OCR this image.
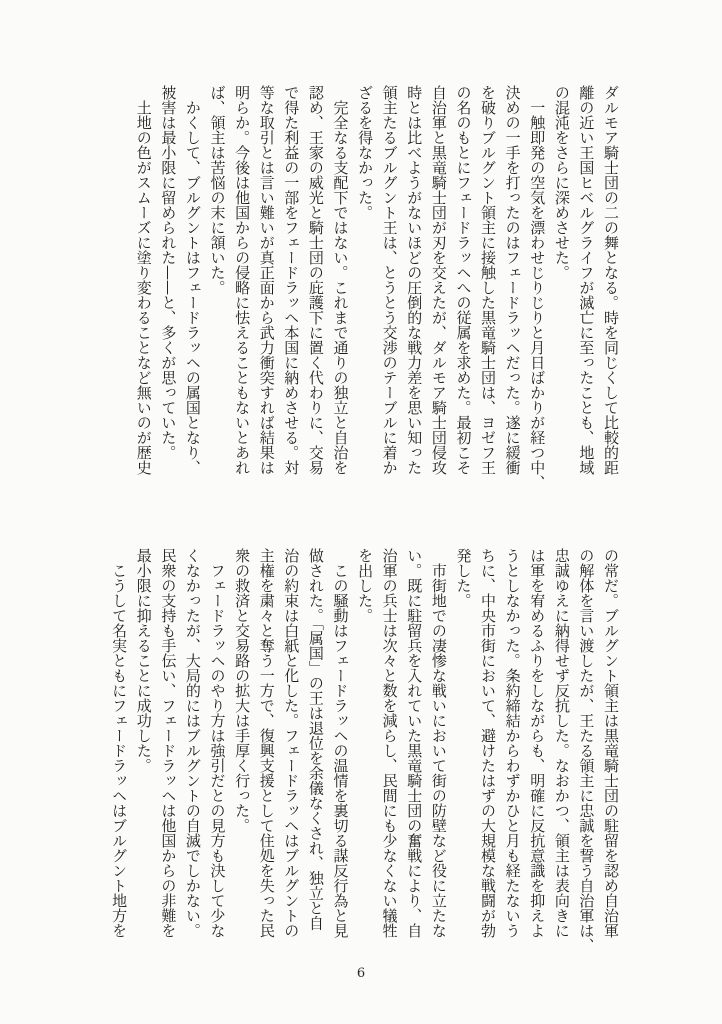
ダルモア騎士団の二の舞となる。時を同じくして比較的距
離の近い王国ヒベルグライフが滅亡に至ったことも、地域
の混沌をさらに深めさせた。
　一触即発の空気を漂わせじりじりと月日ばかりが経つ中、
決めの一手を打ったのはフェードラッヘだった。遂に緩衝
を破りブルグント領主に接触した黒竜騎士団は、ヨゼフ王
の名のもとにフェードラッヘへの従属を求めた。最初こそ
自治軍と黒竜騎士団が刃を交えたが、ダルモア騎士団侵攻
時とは比べようがないほどの圧倒的な戦力差を思い知った
領主たるブルグント王は、とうとう交渉のテーブルに着か
ざるを得なかった。
　完全なる支配下ではない。これまで通りの独立と自治を
認め、王家の威光と騎士団の庇護下に置く代わりに、交易
で得た利益の一部をフェードラッヘ本国に納めさせる。対
等な取引とは言い難いが真正面から武力衝突すれば結果は
明らか。今後は他国からの侵略に怯えることもないとあれ
ば、領主は苦悩の末に頷いた。
　かくして、ブルグントはフェードラッヘの属国となり、
被害は最小限に留められた——と、多くが思っていた。
　土地の色がスムーズに塗り変わることなど無いのが歴史
の常だ。ブルグント領主は黒竜騎士団の駐留を認め自治軍
の解体を言い渡したが、王たる領主に忠誠を誓う自治軍は、
忠誠ゆえに納得せず反抗した。なおかつ、領主は表向きに
は軍を宥めるふりをしながらも、明確に反抗意識を抑えよ
うとしなかった。条約締結からわずかひと月も経たないう
ちに、中央市街において、避けたはずの大規模な戦闘が勃
発した。
　市街地での凄惨な戦いにおいて街の防壁など役に立たな
い。既に駐留兵を入れていた黒竜騎士団の奮戦により、自
治軍の兵士は次々と数を減らし、民間にも少なくない犠牲
を出した。
　この騒動はフェードラッヘの温情を裏切る謀反行為と見
做された。「属国」の王は退位を余儀なくされ、独立と自
治の約束は白紙と化した。フェードラッヘはブルグントの
主権を粛々と奪う一方で、復興支援として住処を失った民
衆の救済と交易路の拡大は手厚く行った。
　フェードラッヘのやり方は強引だとの見方も決して少な
くなかったが、大局的にはブルグントの自滅でしかない。
民衆の支持も手伝い、フェードラッヘは他国からの非難を
最小限に抑えることに成功した。
　こうして名実ともにフェードラッヘはブルグント地方を
6
